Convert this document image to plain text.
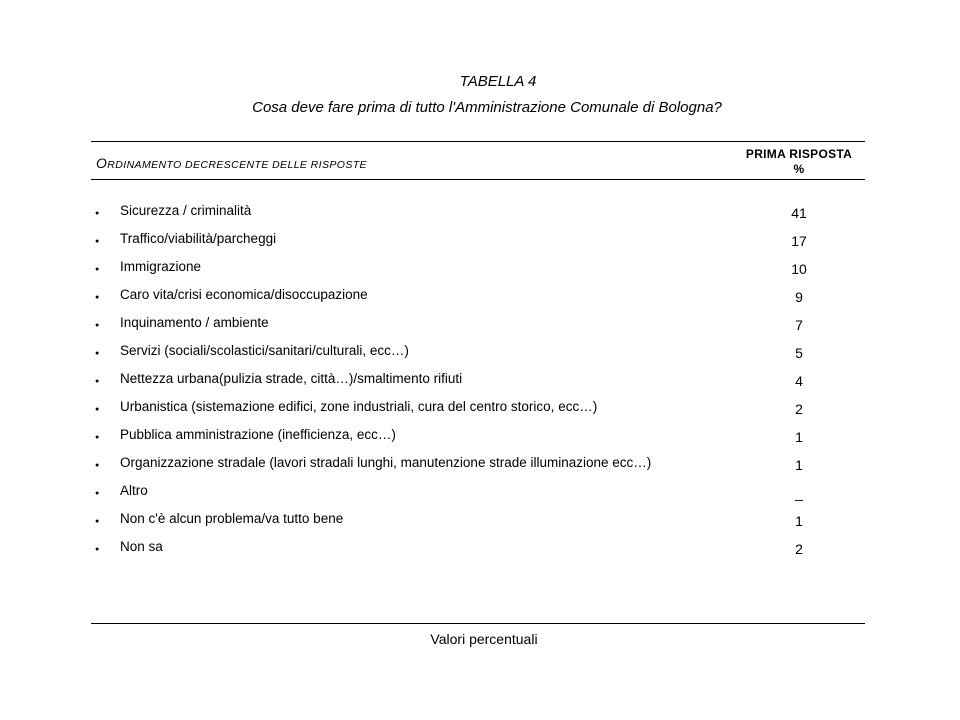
TABELLA 4
Cosa deve fare prima di tutto l'Amministrazione Comunale di Bologna?
ORDINAMENTO DECRESCENTE DELLE RISPOSTE
PRIMA RISPOSTA
%
● Sicurezza / criminalità	41
● Traffico/viabilità/parcheggi	17
● Immigrazione	10
● Caro vita/crisi economica/disoccupazione	9
● Inquinamento / ambiente	7
● Servizi (sociali/scolastici/sanitari/culturali, ecc…)	5
● Nettezza urbana(pulizia strade, città…)/smaltimento rifiuti	4
● Urbanistica (sistemazione edifici, zone industriali, cura del centro storico, ecc…)	2
● Pubblica amministrazione (inefficienza, ecc…)	1
● Organizzazione stradale (lavori stradali lunghi, manutenzione strade illuminazione ecc…)	1
● Altro	_
● Non c'è alcun problema/va tutto bene	1
● Non sa	2
Valori percentuali
